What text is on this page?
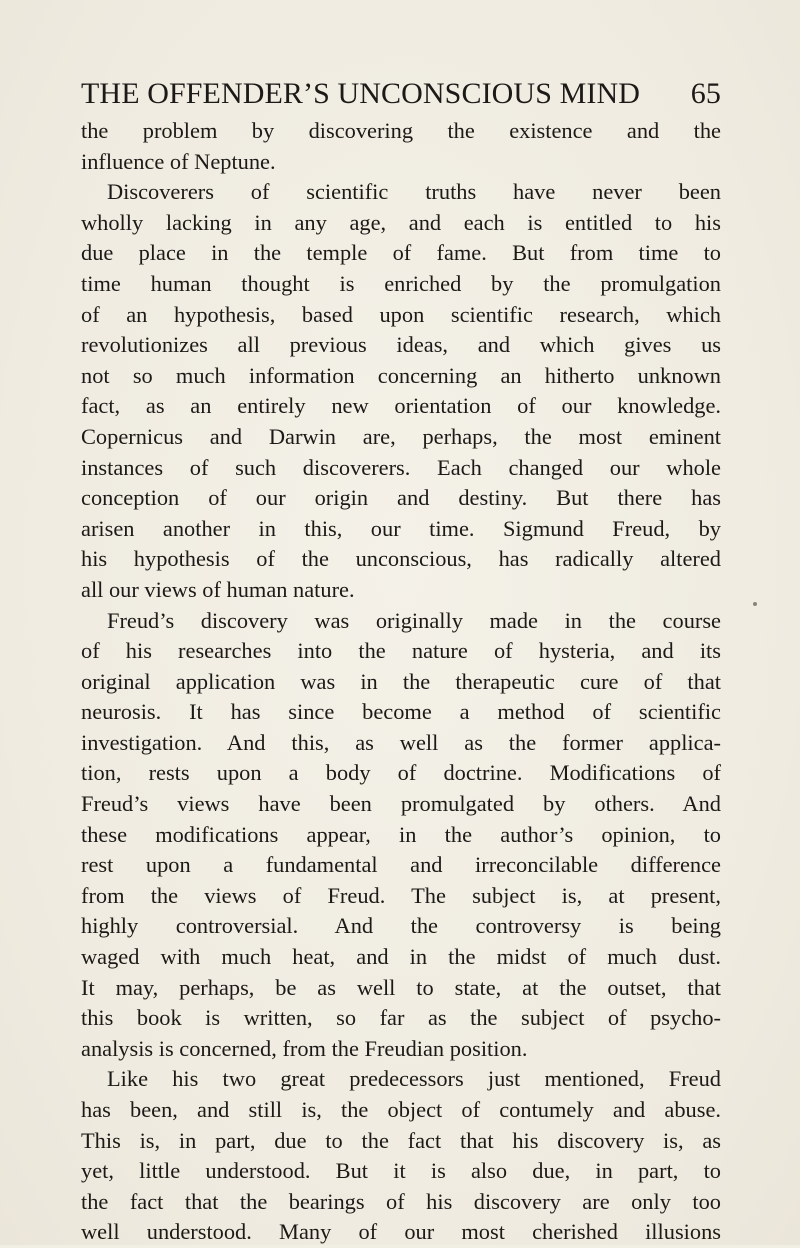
THE OFFENDER’S UNCONSCIOUS MIND 65
the problem by discovering the existence and the
influence of Neptune.
Discoverers of scientific truths have never been
wholly lacking in any age, and each is entitled to his
due place in the temple of fame. But from time to
time human thought is enriched by the promulgation
of an hypothesis, based upon scientific research, which
revolutionizes all previous ideas, and which gives us
not so much information concerning an hitherto unknown
fact, as an entirely new orientation of our knowledge.
Copernicus and Darwin are, perhaps, the most eminent
instances of such discoverers. Each changed our whole
conception of our origin and destiny. But there has
arisen another in this, our time. Sigmund Freud, by
his hypothesis of the unconscious, has radically altered
all our views of human nature.
Freud’s discovery was originally made in the course
of his researches into the nature of hysteria, and its
original application was in the therapeutic cure of that
neurosis. It has since become a method of scientific
investigation. And this, as well as the former applica-
tion, rests upon a body of doctrine. Modifications of
Freud’s views have been promulgated by others. And
these modifications appear, in the author’s opinion, to
rest upon a fundamental and irreconcilable difference
from the views of Freud. The subject is, at present,
highly controversial. And the controversy is being
waged with much heat, and in the midst of much dust.
It may, perhaps, be as well to state, at the outset, that
this book is written, so far as the subject of psycho-
analysis is concerned, from the Freudian position.
Like his two great predecessors just mentioned, Freud
has been, and still is, the object of contumely and abuse.
This is, in part, due to the fact that his discovery is, as
yet, little understood. But it is also due, in part, to
the fact that the bearings of his discovery are only too
well understood. Many of our most cherished illusions
